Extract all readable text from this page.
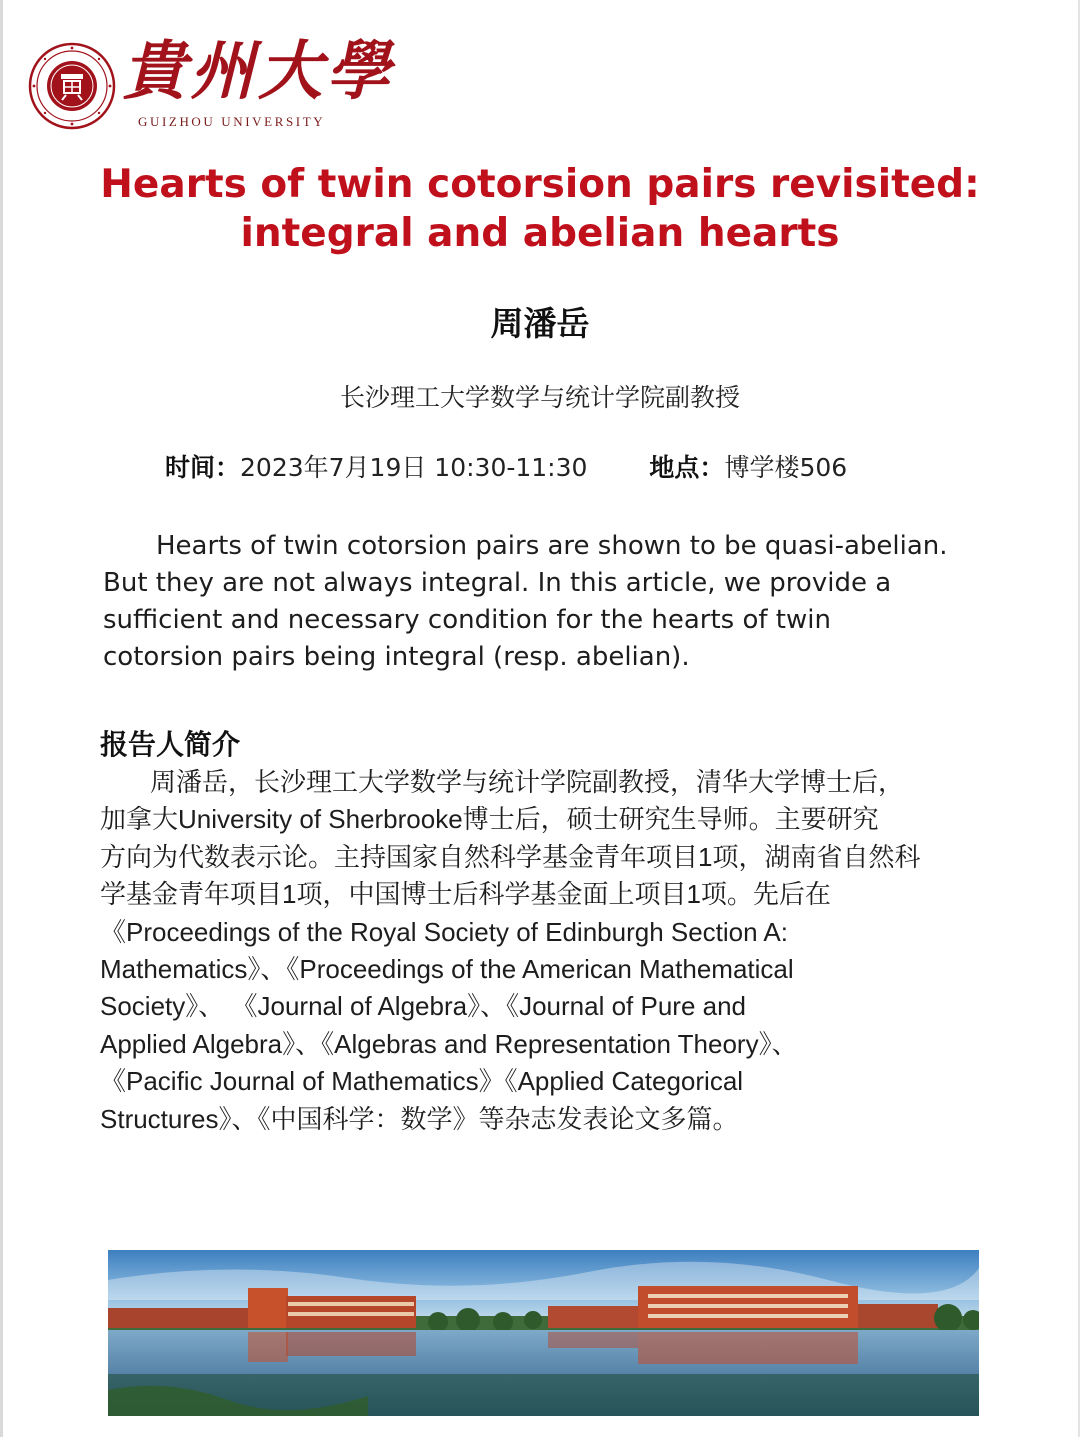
貴州大學
GUIZHOU UNIVERSITY
Hearts of twin cotorsion pairs revisited:
integral and abelian hearts
周潘岳
长沙理工大学数学与统计学院副教授
时间：2023年7月19日 10:30-11:30 地点：博学楼506
Hearts of twin cotorsion pairs are shown to be quasi-abelian.
But they are not always integral. In this article, we provide a
sufficient and necessary condition for the hearts of twin
cotorsion pairs being integral (resp. abelian).
报告人简介
周潘岳，长沙理工大学数学与统计学院副教授，清华大学博士后，
加拿大University of Sherbrooke博士后，硕士研究生导师。主要研究
方向为代数表示论。主持国家自然科学基金青年项目1项，湖南省自然科
学基金青年项目1项，中国博士后科学基金面上项目1项。先后在
《Proceedings of the Royal Society of Edinburgh Section A:
Mathematics》、《Proceedings of the American Mathematical
Society》、 《Journal of Algebra》、《Journal of Pure and
Applied Algebra》、《Algebras and Representation Theory》、
《Pacific Journal of Mathematics》《Applied Categorical
Structures》、《中国科学：数学》等杂志发表论文多篇。
